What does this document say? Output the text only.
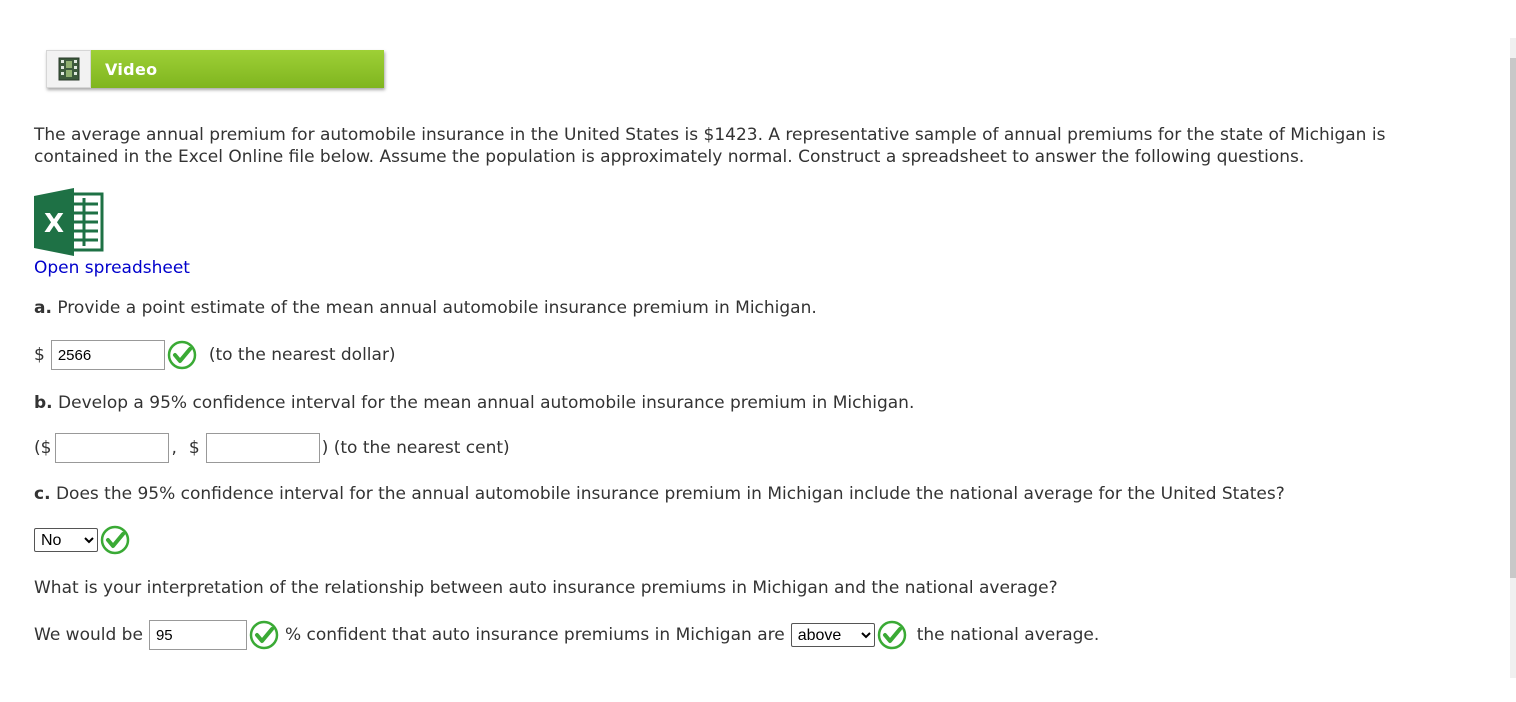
Video

The average annual premium for automobile insurance in the United States is $1423. A representative sample of annual premiums for the state of Michigan is contained in the Excel Online file below. Assume the population is approximately normal. Construct a spreadsheet to answer the following questions.

X
Open spreadsheet
a.
Provide a point estimate of the mean annual automobile insurance premium in Michigan.
$
2566	(to the nearest dollar)
b.
Develop a 95% confidence interval for the mean annual automobile insurance premium in Michigan.
($	, $	) (to the nearest cent)
c.
Does the 95% confidence interval for the annual automobile insurance premium in Michigan include the national average for the United States?
No
What is your interpretation of the relationship between auto insurance premiums in Michigan and the national average?
We would be
95	% confident that auto insurance premiums in Michigan are
above	the national average.
